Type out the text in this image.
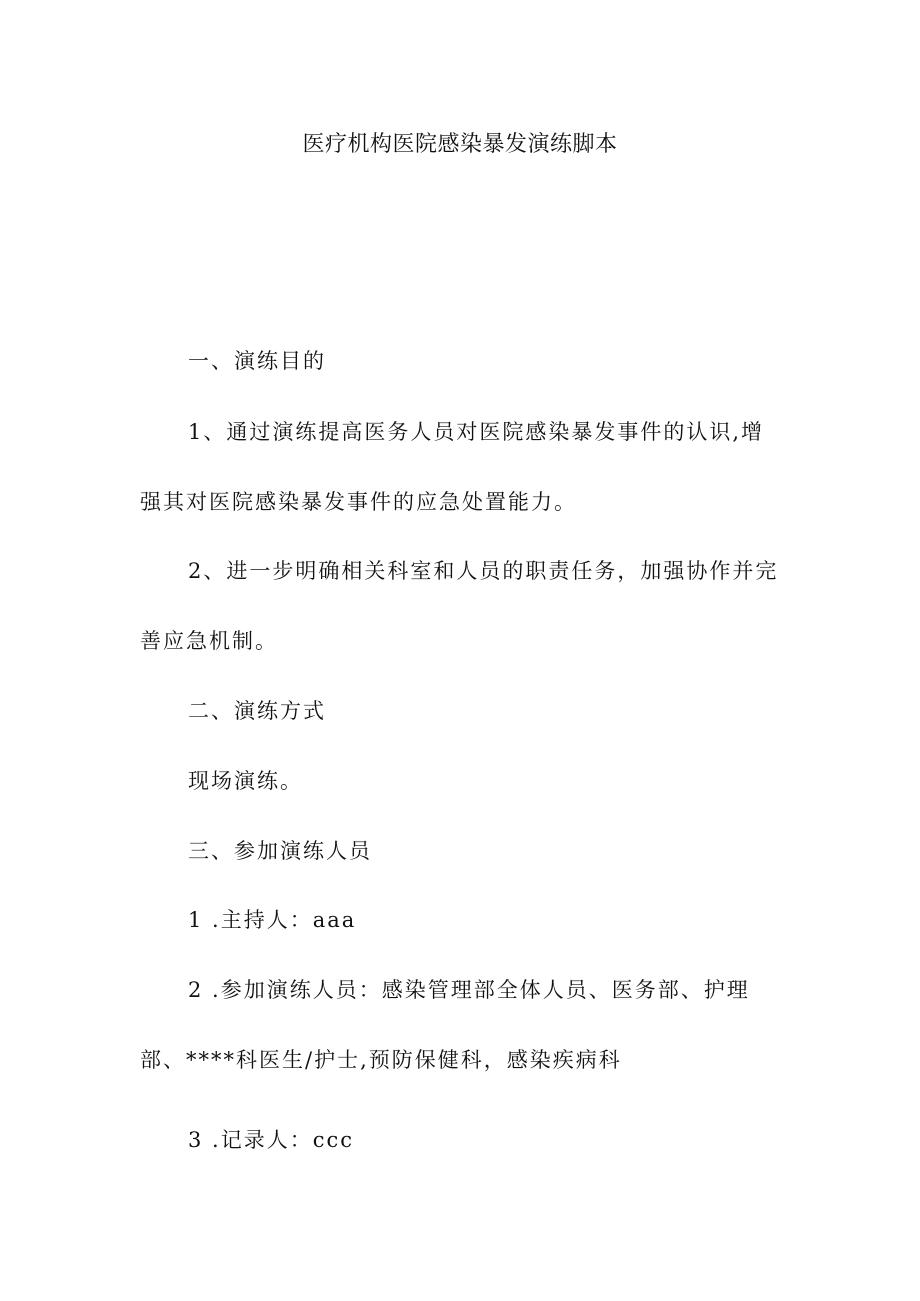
医疗机构医院感染暴发演练脚本
一、演练目的
1、通过演练提高医务人员对医院感染暴发事件的认识,增
强其对医院感染暴发事件的应急处置能力。
2、进一步明确相关科室和人员的职责任务，加强协作并完
善应急机制。
二、演练方式
现场演练。
三、参加演练人员
1 .主持人：aaa
2 .参加演练人员：感染管理部全体人员、医务部、护理
部、****科医生/护士,预防保健科，感染疾病科
3 .记录人：ccc
